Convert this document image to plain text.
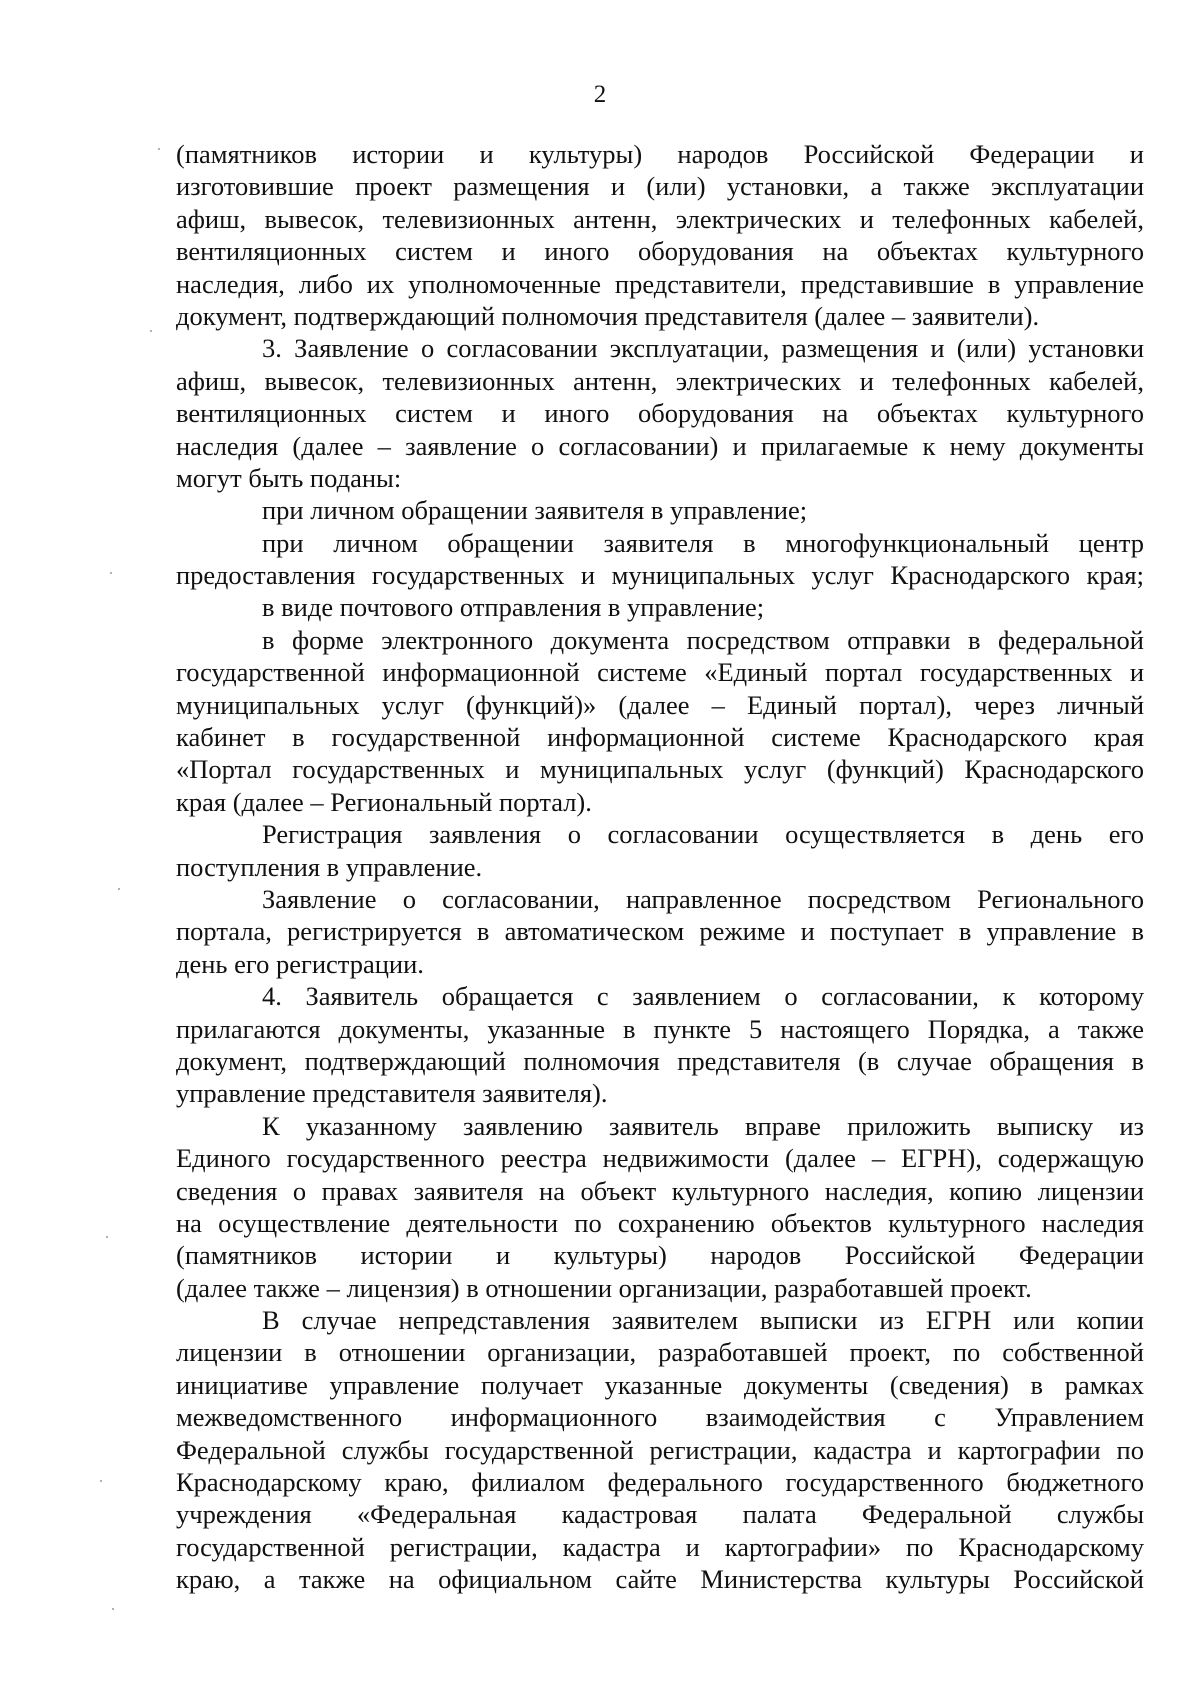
2
(памятников истории и культуры) народов Российской Федерации и
изготовившие проект размещения и (или) установки, а также эксплуатации
афиш, вывесок, телевизионных антенн, электрических и телефонных кабелей,
вентиляционных систем и иного оборудования на объектах культурного
наследия, либо их уполномоченные представители, представившие в управление
документ, подтверждающий полномочия представителя (далее – заявители).
3. Заявление о согласовании эксплуатации, размещения и (или) установки
афиш, вывесок, телевизионных антенн, электрических и телефонных кабелей,
вентиляционных систем и иного оборудования на объектах культурного
наследия (далее – заявление о согласовании) и прилагаемые к нему документы
могут быть поданы:
при личном обращении заявителя в управление;
при личном обращении заявителя в многофункциональный центр
предоставления государственных и муниципальных услуг Краснодарского края;
в виде почтового отправления в управление;
в форме электронного документа посредством отправки в федеральной
государственной информационной системе «Единый портал государственных и
муниципальных услуг (функций)» (далее – Единый портал), через личный
кабинет в государственной информационной системе Краснодарского края
«Портал государственных и муниципальных услуг (функций) Краснодарского
края (далее – Региональный портал).
Регистрация заявления о согласовании осуществляется в день его
поступления в управление.
Заявление о согласовании, направленное посредством Регионального
портала, регистрируется в автоматическом режиме и поступает в управление в
день его регистрации.
4. Заявитель обращается с заявлением о согласовании, к которому
прилагаются документы, указанные в пункте 5 настоящего Порядка, а также
документ, подтверждающий полномочия представителя (в случае обращения в
управление представителя заявителя).
К указанному заявлению заявитель вправе приложить выписку из
Единого государственного реестра недвижимости (далее – ЕГРН), содержащую
сведения о правах заявителя на объект культурного наследия, копию лицензии
на осуществление деятельности по сохранению объектов культурного наследия
(памятников истории и культуры) народов Российской Федерации
(далее также – лицензия) в отношении организации, разработавшей проект.
В случае непредставления заявителем выписки из ЕГРН или копии
лицензии в отношении организации, разработавшей проект, по собственной
инициативе управление получает указанные документы (сведения) в рамках
межведомственного информационного взаимодействия с Управлением
Федеральной службы государственной регистрации, кадастра и картографии по
Краснодарскому краю, филиалом федерального государственного бюджетного
учреждения «Федеральная кадастровая палата Федеральной службы
государственной регистрации, кадастра и картографии» по Краснодарскому
краю, а также на официальном сайте Министерства культуры Российской
